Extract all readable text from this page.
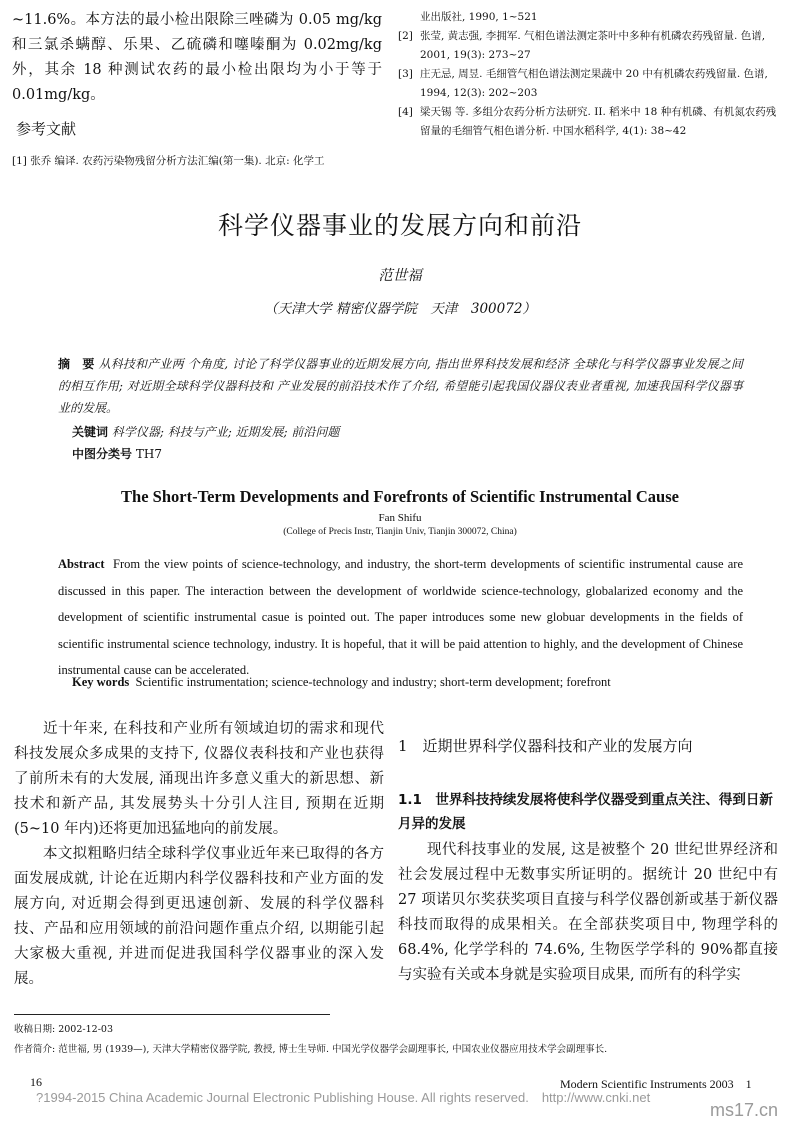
~11.6%。本方法的最小检出限除三唑磷为 0.05 mg/kg和三氯杀螨醇、乐果、乙硫磷和噻嗪酮为 0.02mg/kg外，其余 18 种测试农药的最小检出限均为小于等于 0.01mg/kg。

参考文献
[1] 张乔 编译. 农药污染物残留分析方法汇编(第一集). 北京: 化学工

业出版社, 1990, 1~521

[2] 张莹, 黄志强, 李拥军. 气相色谱法测定茶叶中多种有机磷农药残留量. 色谱, 2001, 19(3): 273~27

[3] 庄无忌, 周昱. 毛细管气相色谱法测定果蔬中 20 中有机磷农药残留量. 色谱, 1994, 12(3): 202~203

[4] 梁天锡 等. 多组分农药分析方法研究. II. 稻米中 18 种有机磷、有机氮农药残留量的毛细管气相色谱分析. 中国水稻科学, 4(1): 38~42

科学仪器事业的发展方向和前沿
范世福
（天津大学 精密仪器学院　天津　300072）
摘　要 从科技和产业两 个角度, 讨论了科学仪器事业的近期发展方向, 指出世界科技发展和经济 全球化与科学仪器事业发展之间的相互作用; 对近期全球科学仪器科技和 产业发展的前沿技术作了介绍, 希望能引起我国仪器仪表业者重视, 加速我国科学仪器事业的发展。
关键词 科学仪器; 科技与产业; 近期发展; 前沿问题
中图分类号 TH7
The Short-Term Developments and Forefronts of Scientific Instrumental Cause
Fan Shifu
(College of Precis Instr, Tianjin Univ, Tianjin 300072, China)
Abstract From the view points of science-technology, and industry, the short-term developments of scientific instrumental cause are discussed in this paper. The interaction between the development of worldwide science-technology, globalarized economy and the development of scientific instrumental casue is pointed out. The paper introduces some new globuar developments in the fields of scientific instrumental science technology, industry. It is hopeful, that it will be paid attention to highly, and the development of Chinese instrumental cause can be accelerated.
Key words Scientific instrumentation; science-technology and industry; short-term development; forefront

近十年来, 在科技和产业所有领域迫切的需求和现代科技发展众多成果的支持下, 仪器仪表科技和产业也获得了前所未有的大发展, 涌现出许多意义重大的新思想、新技术和新产品, 其发展势头十分引人注目, 预期在近期 (5~10 年内)还将更加迅猛地向的前发展。

本文拟粗略归结全球科学仪事业近年来已取得的各方面发展成就, 计论在近期内科学仪器科技和产业方面的发展方向, 对近期会得到更迅速创新、发展的科学仪器科技、产品和应用领域的前沿问题作重点介绍, 以期能引起大家极大重视, 并进而促进我国科学仪器事业的深入发展。

1　近期世界科学仪器科技和产业的发展方向
1.1　世界科技持续发展将使科学仪器受到重点关注、得到日新月异的发展

现代科技事业的发展, 这是被整个 20 世纪世界经济和社会发展过程中无数事实所证明的。据统计 20 世纪中有 27 项诺贝尔奖获奖项目直接与科学仪器创新或基于新仪器科技而取得的成果相关。在全部获奖项目中, 物理学科的 68.4%, 化学学科的 74.6%, 生物医学学科的 90%都直接与实验有关或本身就是实验项目成果, 而所有的科学实

收稿日期: 2002-12-03
作者简介: 范世福, 男 (1939—), 天津大学精密仪器学院, 教授, 博士生导师. 中国光学仪器学会副理事长, 中国农业仪器应用技术学会副理事长.
16	Modern Scientific Instruments 2003　1
?1994-2015 China Academic Journal Electronic Publishing House. All rights reserved.　http://www.cnki.net
ms17.cn
